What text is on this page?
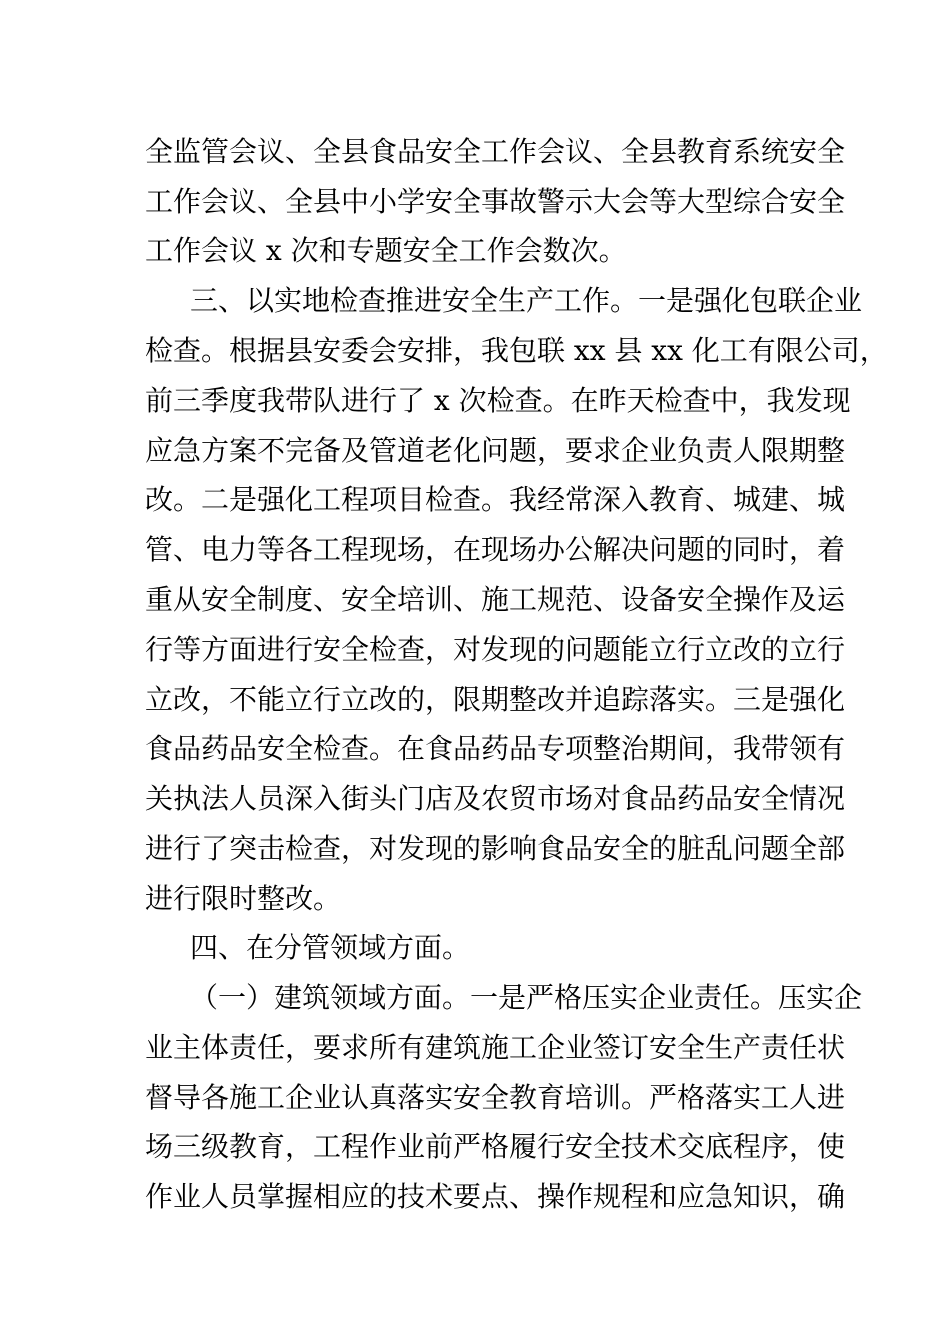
全监管会议、全县食品安全工作会议、全县教育系统安全
工作会议、全县中小学安全事故警示大会等大型综合安全
工作会议 x 次和专题安全工作会数次。
三、以实地检查推进安全生产工作。一是强化包联企业
检查。根据县安委会安排，我包联 xx 县 xx 化工有限公司，
前三季度我带队进行了 x 次检查。在昨天检查中，我发现
应急方案不完备及管道老化问题，要求企业负责人限期整
改。二是强化工程项目检查。我经常深入教育、城建、城
管、电力等各工程现场，在现场办公解决问题的同时，着
重从安全制度、安全培训、施工规范、设备安全操作及运
行等方面进行安全检查，对发现的问题能立行立改的立行
立改，不能立行立改的，限期整改并追踪落实。三是强化
食品药品安全检查。在食品药品专项整治期间，我带领有
关执法人员深入街头门店及农贸市场对食品药品安全情况
进行了突击检查，对发现的影响食品安全的脏乱问题全部
进行限时整改。
四、在分管领域方面。
（一）建筑领域方面。一是严格压实企业责任。压实企
业主体责任，要求所有建筑施工企业签订安全生产责任状
督导各施工企业认真落实安全教育培训。严格落实工人进
场三级教育，工程作业前严格履行安全技术交底程序，使
作业人员掌握相应的技术要点、操作规程和应急知识，确
